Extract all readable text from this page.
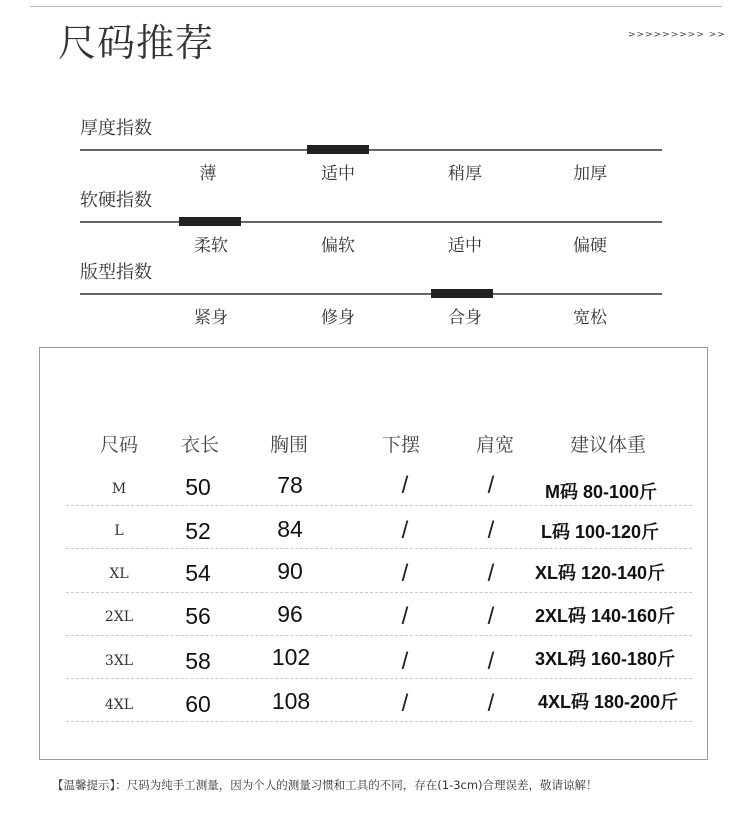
尺码推荐	>>>>>>>>> >>
厚度指数
薄	适中	稍厚	加厚
软硬指数
柔软	偏软	适中	偏硬
版型指数
紧身	修身	合身	宽松
尺码	衣长	胸围	下摆	肩宽	建议体重
M	50	78	/	/	M码 80-100斤
L	52	84	/	/	L码 100-120斤
XL	54	90	/	/	XL码 120-140斤
2XL	56	96	/	/	2XL码 140-160斤
3XL	58	102	/	/	3XL码 160-180斤
4XL	60	108	/	/	4XL码 180-200斤
【温馨提示】：尺码为纯手工测量，因为个人的测量习惯和工具的不同，存在(1-3cm)合理误差，敬请谅解！
